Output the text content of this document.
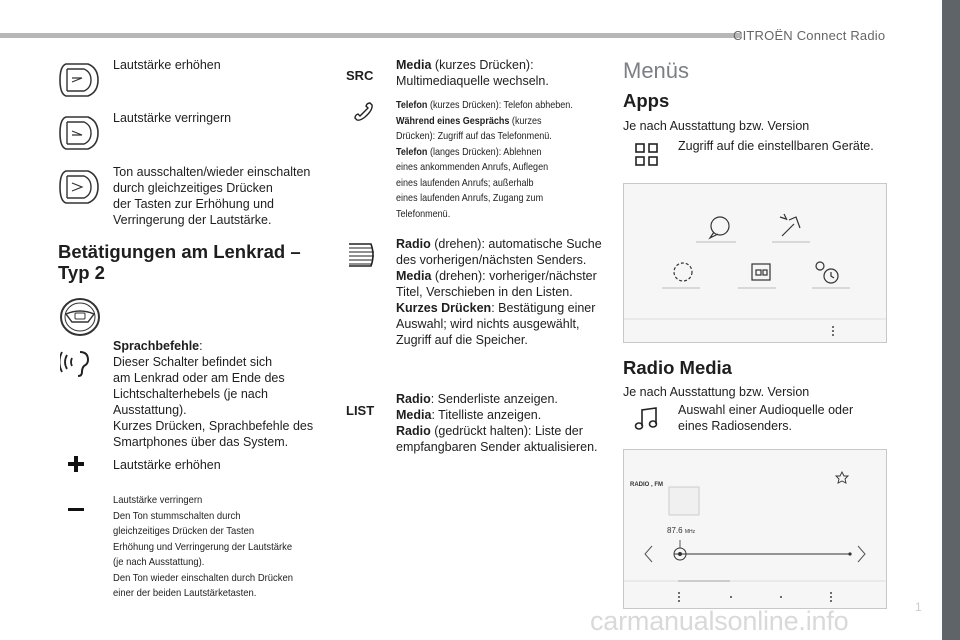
CITROËN Connect Radio
Lautstärke erhöhen
Lautstärke verringern
Ton ausschalten/wieder einschalten
durch gleichzeitiges Drücken
der Tasten zur Erhöhung und
Verringerung der Lautstärke.
Betätigungen am Lenkrad –
Typ 2
Sprachbefehle:
Dieser Schalter befindet sich
am Lenkrad oder am Ende des
Lichtschalterhebels (je nach
Ausstattung).
Kurzes Drücken, Sprachbefehle des
Smartphones über das System.
Lautstärke erhöhen
Lautstärke verringern
Den Ton stummschalten durch
gleichzeitiges Drücken der Tasten
Erhöhung und Verringerung der Lautstärke
(je nach Ausstattung).
Den Ton wieder einschalten durch Drücken
einer der beiden Lautstärketasten.
SRC
Media (kurzes Drücken):
Multimediaquelle wechseln.
Telefon (kurzes Drücken): Telefon abheben.
Während eines Gesprächs (kurzes
Drücken): Zugriff auf das Telefonmenü.
Telefon (langes Drücken): Ablehnen
eines ankommenden Anrufs, Auflegen
eines laufenden Anrufs; außerhalb
eines laufenden Anrufs, Zugang zum
Telefonmenü.
Radio (drehen): automatische Suche
des vorherigen/nächsten Senders.
Media (drehen): vorheriger/nächster
Titel, Verschieben in den Listen.
Kurzes Drücken: Bestätigung einer
Auswahl; wird nichts ausgewählt,
Zugriff auf die Speicher.
LIST
Radio: Senderliste anzeigen.
Media: Titelliste anzeigen.
Radio (gedrückt halten): Liste der
empfangbaren Sender aktualisieren.
Menüs
Apps
Je nach Ausstattung bzw. Version
Zugriff auf die einstellbaren Geräte.
Radio Media
Je nach Ausstattung bzw. Version
Auswahl einer Audioquelle oder
eines Radiosenders.
RADIO , FM
87.6 MHz
carmanualsonline.info	1
